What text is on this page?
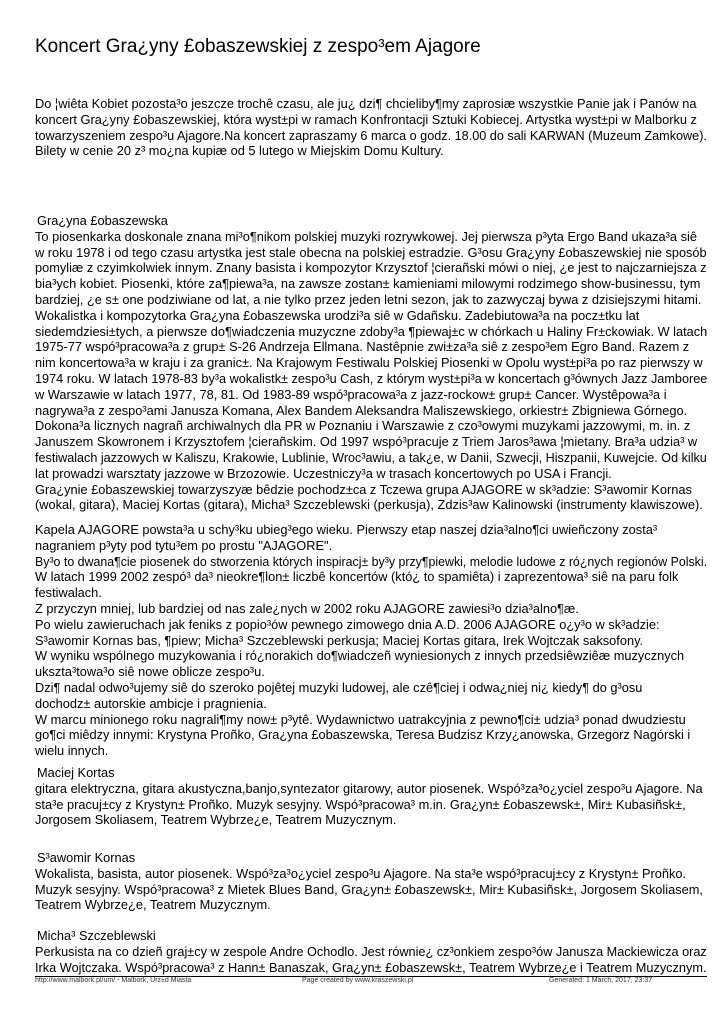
Koncert Gra¿yny £obaszewskiej z zespo³em Ajagore
Do ¦wiêta Kobiet pozosta³o jeszcze trochê czasu, ale ju¿ dzi¶ chcieliby¶my zaprosiæ wszystkie Panie jak i Panów na
koncert Gra¿yny £obaszewskiej, która wyst±pi w ramach Konfrontacji Sztuki Kobiecej. Artystka wyst±pi w Malborku z
towarzyszeniem zespo³u Ajagore.Na koncert zapraszamy 6 marca o godz. 18.00 do sali KARWAN (Muzeum Zamkowe).
Bilety w cenie 20 z³ mo¿na kupiæ od 5 lutego w Miejskim Domu Kultury.
Gra¿yna £obaszewska
To piosenkarka doskonale znana mi³o¶nikom polskiej muzyki rozrywkowej. Jej pierwsza p³yta Ergo Band ukaza³a siê
w roku 1978 i od tego czasu artystka jest stale obecna na polskiej estradzie. G³osu Gra¿yny £obaszewskiej nie sposób
pomyliæ z czyimkolwiek innym. Znany basista i kompozytor Krzysztof ¦cierañski mówi o niej, ¿e jest to najczarniejsza z
bia³ych kobiet. Piosenki, które za¶piewa³a, na zawsze zostan± kamieniami milowymi rodzimego show-businessu, tym
bardziej, ¿e s± one podziwiane od lat, a nie tylko przez jeden letni sezon, jak to zazwyczaj bywa z dzisiejszymi hitami.
Wokalistka i kompozytorka Gra¿yna £obaszewska urodzi³a siê w Gdañsku. Zadebiutowa³a na pocz±tku lat
siedemdziesi±tych, a pierwsze do¶wiadczenia muzyczne zdoby³a ¶piewaj±c w chórkach u Haliny Fr±ckowiak. W latach
1975-77 wspó³pracowa³a z grup± S-26 Andrzeja Ellmana. Nastêpnie zwi±za³a siê z zespo³em Egro Band. Razem z
nim koncertowa³a w kraju i za granic±. Na Krajowym Festiwalu Polskiej Piosenki w Opolu wyst±pi³a po raz pierwszy w
1974 roku. W latach 1978-83 by³a wokalistk± zespo³u Cash, z którym wyst±pi³a w koncertach g³ównych Jazz Jamboree
w Warszawie w latach 1977, 78, 81. Od 1983-89 wspó³pracowa³a z jazz-rockow± grup± Cancer. Wystêpowa³a i
nagrywa³a z zespo³ami Janusza Komana, Alex Bandem Aleksandra Maliszewskiego, orkiestr± Zbigniewa Górnego.
Dokona³a licznych nagrañ archiwalnych dla PR w Poznaniu i Warszawie z czo³owymi muzykami jazzowymi, m. in. z
Januszem Skowronem i Krzysztofem ¦cierañskim. Od 1997 wspó³pracuje z Triem Jaros³awa ¦mietany. Bra³a udzia³ w
festiwalach jazzowych w Kaliszu, Krakowie, Lublinie, Wroc³awiu, a tak¿e, w Danii, Szwecji, Hiszpanii, Kuwejcie. Od kilku
lat prowadzi warsztaty jazzowe w Brzozowie. Uczestniczy³a w trasach koncertowych po USA i Francji.
Gra¿ynie £obaszewskiej towarzyszyæ bêdzie pochodz±ca z Tczewa grupa AJAGORE w sk³adzie: S³awomir Kornas
(wokal, gitara), Maciej Kortas (gitara), Micha³ Szczeblewski (perkusja), Zdzis³aw Kalinowski (instrumenty klawiszowe).
Kapela AJAGORE powsta³a u schy³ku ubieg³ego wieku. Pierwszy etap naszej dzia³alno¶ci uwieñczony zosta³
nagraniem p³yty pod tytu³em po prostu "AJAGORE".
By³o to dwana¶cie piosenek do stworzenia których inspiracj± by³y przy¶piewki, melodie ludowe z ró¿nych regionów Polski.
W latach 1999 2002 zespó³ da³ nieokre¶lon± liczbê koncertów (któ¿ to spamiêta) i zaprezentowa³ siê na paru folk
festiwalach.
Z przyczyn mniej, lub bardziej od nas zale¿nych w 2002 roku AJAGORE zawiesi³o dzia³alno¶æ.
Po wielu zawieruchach jak feniks z popio³ów pewnego zimowego dnia A.D. 2006 AJAGORE o¿y³o w sk³adzie:
S³awomir Kornas bas, ¶piew; Micha³ Szczeblewski perkusja; Maciej Kortas gitara, Irek Wojtczak saksofony.
W wyniku wspólnego muzykowania i ró¿norakich do¶wiadczeñ wyniesionych z innych przedsiêwziêæ muzycznych
ukszta³towa³o siê nowe oblicze zespo³u.
Dzi¶ nadal odwo³ujemy siê do szeroko pojêtej muzyki ludowej, ale czê¶ciej i odwa¿niej ni¿ kiedy¶ do g³osu
dochodz± autorskie ambicje i pragnienia.
W marcu minionego roku nagrali¶my now± p³ytê. Wydawnictwo uatrakcyjnia z pewno¶ci± udzia³ ponad dwudziestu
go¶ci miêdzy innymi: Krystyna Proñko, Gra¿yna £obaszewska, Teresa Budzisz Krzy¿anowska, Grzegorz Nagórski i
wielu innych.
Maciej Kortas
gitara elektryczna, gitara akustyczna,banjo,syntezator gitarowy, autor piosenek. Wspó³za³o¿yciel zespo³u Ajagore. Na
sta³e pracuj±cy z Krystyn± Proñko. Muzyk sesyjny. Wspó³pracowa³ m.in. Gra¿yn± £obaszewsk±, Mir± Kubasiñsk±,
Jorgosem Skoliasem, Teatrem Wybrze¿e, Teatrem Muzycznym.
S³awomir Kornas
Wokalista, basista, autor piosenek. Wspó³za³o¿yciel zespo³u Ajagore. Na sta³e wspó³pracuj±cy z Krystyn± Proñko.
Muzyk sesyjny. Wspó³pracowa³ z Mietek Blues Band, Gra¿yn± £obaszewsk±, Mir± Kubasiñsk±, Jorgosem Skoliasem,
Teatrem Wybrze¿e, Teatrem Muzycznym.
Micha³ Szczeblewski
Perkusista na co dzieñ graj±cy w zespole Andre Ochodlo. Jest równie¿ cz³onkiem zespo³ów Janusza Mackiewicza oraz
Irka Wojtczaka. Wspó³pracowa³ z Hann± Banaszak, Gra¿yn± £obaszewsk±, Teatrem Wybrze¿e i Teatrem Muzycznym.
http://www.malbork.pl/um/ - Malbork, Urz±d Miasta	Page created by www.kraszewski.pl	Generated: 1 March, 2017, 23:37
